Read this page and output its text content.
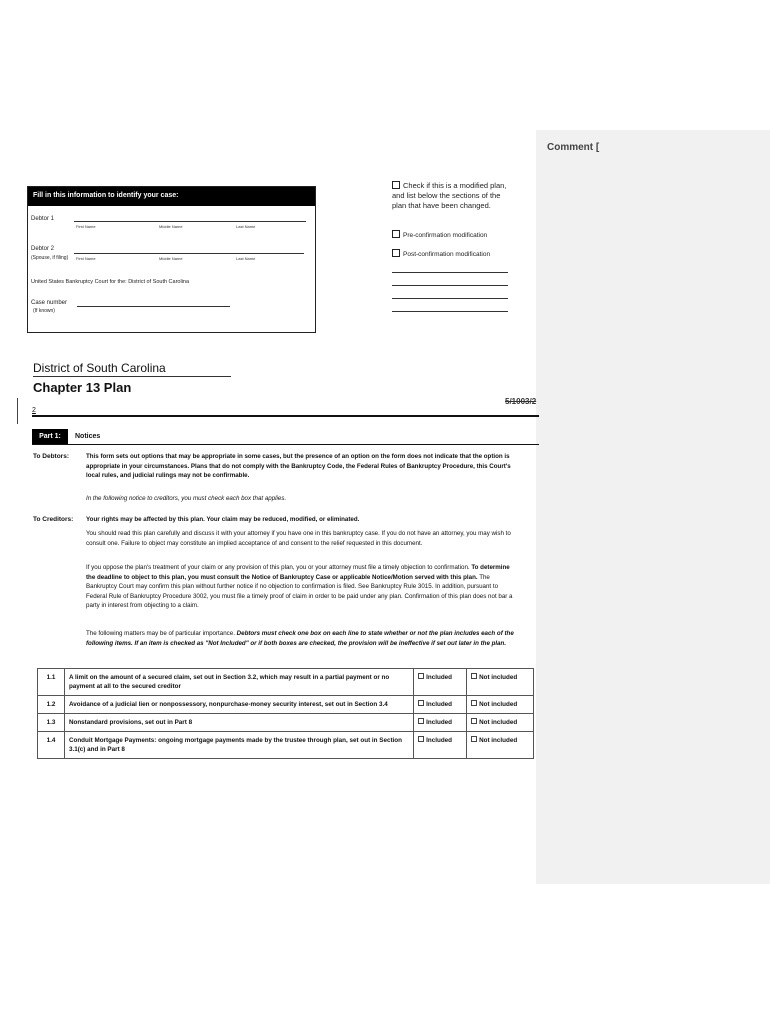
Comment [
Fill in this information to identify your case:
Debtor 1
First Name	Middle Name	Last Name
Debtor 2
(Spouse, if filing) First Name	Middle Name	Last Name
United States Bankruptcy Court for the: District of South Carolina
Case number
(If known)
Check if this is a modified plan, and list below the sections of the plan that have been changed.
Pre-confirmation modification
Post-confirmation modification
District of South Carolina
Chapter 13 Plan
5/1003/2
2
Part 1:	Notices
To Debtors:	This form sets out options that may be appropriate in some cases, but the presence of an option on the form does not indicate that the option is appropriate in your circumstances. Plans that do not comply with the Bankruptcy Code, the Federal Rules of Bankruptcy Procedure, this Court's local rules, and judicial rulings may not be confirmable.
In the following notice to creditors, you must check each box that applies.
To Creditors: Your rights may be affected by this plan. Your claim may be reduced, modified, or eliminated.
You should read this plan carefully and discuss it with your attorney if you have one in this bankruptcy case. If you do not have an attorney, you may wish to consult one. Failure to object may constitute an implied acceptance of and consent to the relief requested in this document.
If you oppose the plan's treatment of your claim or any provision of this plan, you or your attorney must file a timely objection to confirmation. To determine the deadline to object to this plan, you must consult the Notice of Bankruptcy Case or applicable Notice/Motion served with this plan. The Bankruptcy Court may confirm this plan without further notice if no objection to confirmation is filed. See Bankruptcy Rule 3015. In addition, pursuant to Federal Rule of Bankruptcy Procedure 3002, you must file a timely proof of claim in order to be paid under any plan. Confirmation of this plan does not bar a party in interest from objecting to a claim.
The following matters may be of particular importance. Debtors must check one box on each line to state whether or not the plan includes each of the following items. If an item is checked as "Not Included" or if both boxes are checked, the provision will be ineffective if set out later in the plan.
1.1	A limit on the amount of a secured claim, set out in Section 3.2, which may result in a partial payment or no payment at all to the secured creditor	Included	Not included
1.2	Avoidance of a judicial lien or nonpossessory, nonpurchase-money security interest, set out in Section 3.4	Included	Not included
1.3	Nonstandard provisions, set out in Part 8	Included	Not included
1.4	Conduit Mortgage Payments: ongoing mortgage payments made by the trustee through plan, set out in Section 3.1(c) and in Part 8	Included	Not included
